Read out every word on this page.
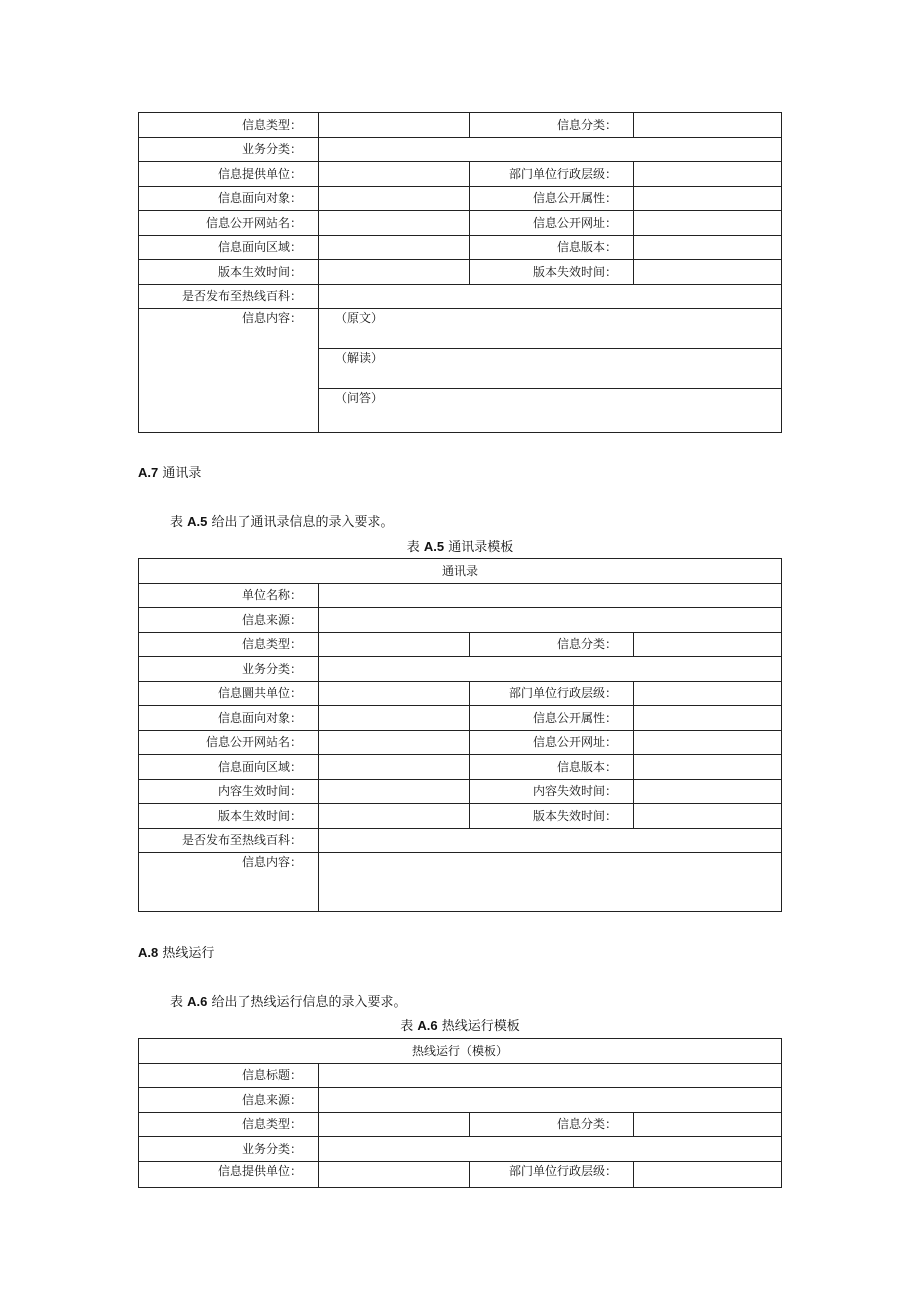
信息类型：		信息分类：	
业务分类：			
信息提供单位：		部门单位行政层级：	
信息面向对象：		信息公开属性：	
信息公开网站名：		信息公开网址：	
信息面向区域：		信息版本：	
版本生效时间：		版本失效时间：	
是否发布至热线百科：			
信息内容：	（原文）
（解读）
（问答）		
A.7 通讯录
表 A.5 给出了通讯录信息的录入要求。
表 A.5 通讯录模板
通讯录			
单位名称：			
信息来源：			
信息类型：		信息分类：	
业务分类：			
信息圜共单位：		部门单位行政层级：	
信息面向对象：		信息公开属性：	
信息公开网站名：		信息公开网址：	
信息面向区域：		信息版本：	
内容生效时间：		内容失效时间：	
版本生效时间：		版本失效时间：	
是否发布至热线百科：			
信息内容：			
A.8 热线运行
表 A.6 给出了热线运行信息的录入要求。
表 A.6 热线运行模板
热线运行（模板）			
信息标题：			
信息来源：			
信息类型：		信息分类：	
业务分类：			
信息提供单位：		部门单位行政层级：	
